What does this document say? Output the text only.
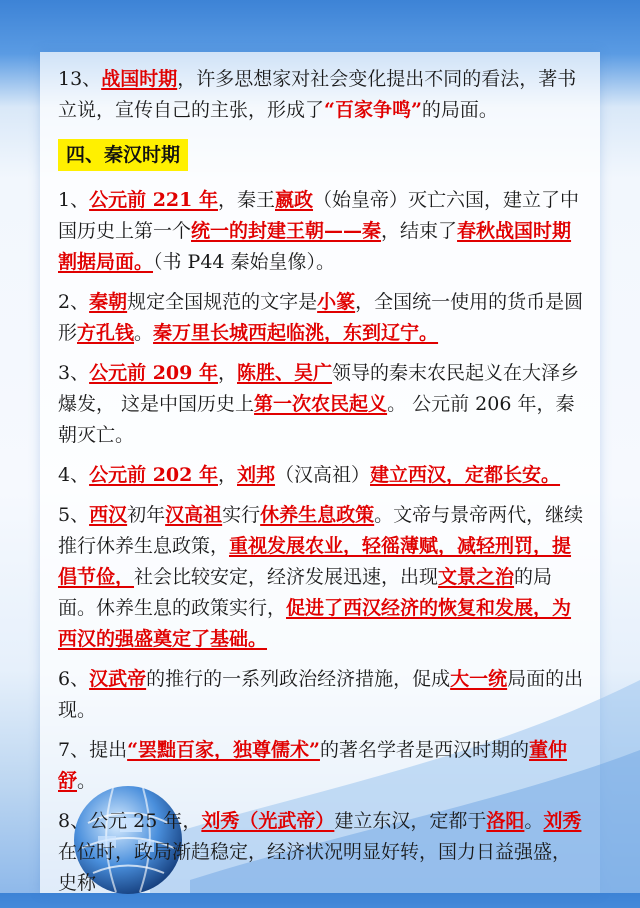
13、战国时期，许多思想家对社会变化提出不同的看法，著书立说，宣传自己的主张，形成了“百家争鸣”的局面。

四、秦汉时期

1、公元前 221 年，秦王嬴政（始皇帝）灭亡六国，建立了中国历史上第一个统一的封建王朝——秦，结束了春秋战国时期割据局面。（书 P44 秦始皇像）。

2、秦朝规定全国规范的文字是小篆，全国统一使用的货币是圆形方孔钱。秦万里长城西起临洮，东到辽宁。

3、公元前 209 年，陈胜、吴广领导的秦末农民起义在大泽乡爆发， 这是中国历史上第一次农民起义。 公元前 206 年，秦朝灭亡。

4、公元前 202 年，刘邦（汉高祖）建立西汉，定都长安。

5、西汉初年汉高祖实行休养生息政策。文帝与景帝两代，继续推行休养生息政策，重视发展农业，轻徭薄赋，减轻刑罚，提倡节俭，社会比较安定，经济发展迅速，出现文景之治的局面。休养生息的政策实行，促进了西汉经济的恢复和发展，为西汉的强盛奠定了基础。

6、汉武帝的推行的一系列政治经济措施，促成大一统局面的出现。

7、提出“罢黜百家，独尊儒术”的著名学者是西汉时期的董仲舒。

8、公元 25 年，刘秀（光武帝）建立东汉，定都于洛阳。刘秀在位时，政局渐趋稳定，经济状况明显好转，国力日益强盛，史称
